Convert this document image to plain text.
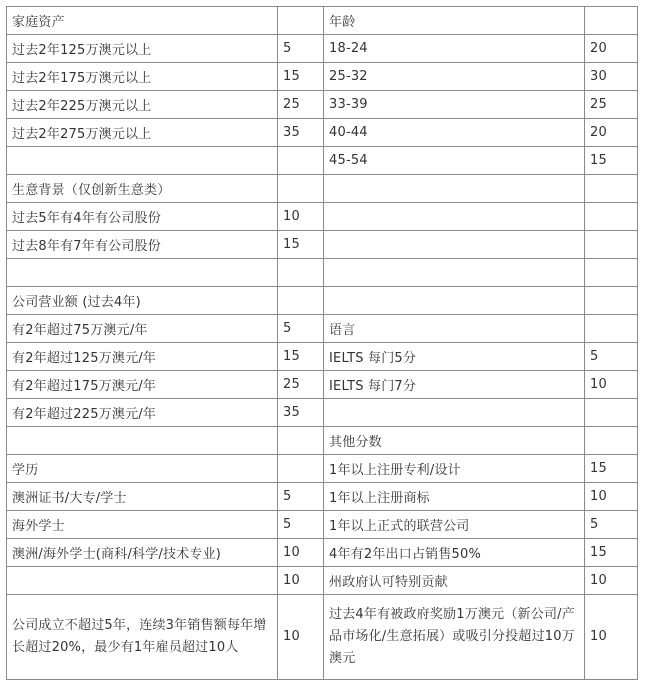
家庭资产		年龄	
过去2年125万澳元以上	5	18-24	20
过去2年175万澳元以上	15	25-32	30
过去2年225万澳元以上	25	33-39	25
过去2年275万澳元以上	35	40-44	20
		45-54	15
生意背景（仅创新生意类）			
过去5年有4年有公司股份	10		
过去8年有7年有公司股份	15		

公司营业额 (过去4年)			
有2年超过75万澳元/年	5	语言	
有2年超过125万澳元/年	15	IELTS 每门5分	5
有2年超过175万澳元/年	25	IELTS 每门7分	10
有2年超过225万澳元/年	35		
		其他分数	
学历		1年以上注册专利/设计	15
澳洲证书/大专/学士	5	1年以上注册商标	10
海外学士	5	1年以上正式的联营公司	5
澳洲/海外学士(商科/科学/技术专业)	10	4年有2年出口占销售50%	15
	10	州政府认可特别贡献	10
公司成立不超过5年，连续3年销售额每年增长超过20%，最少有1年雇员超过10人	10	过去4年有被政府奖励1万澳元（新公司/产品市场化/生意拓展）或吸引分投超过10万澳元	10
